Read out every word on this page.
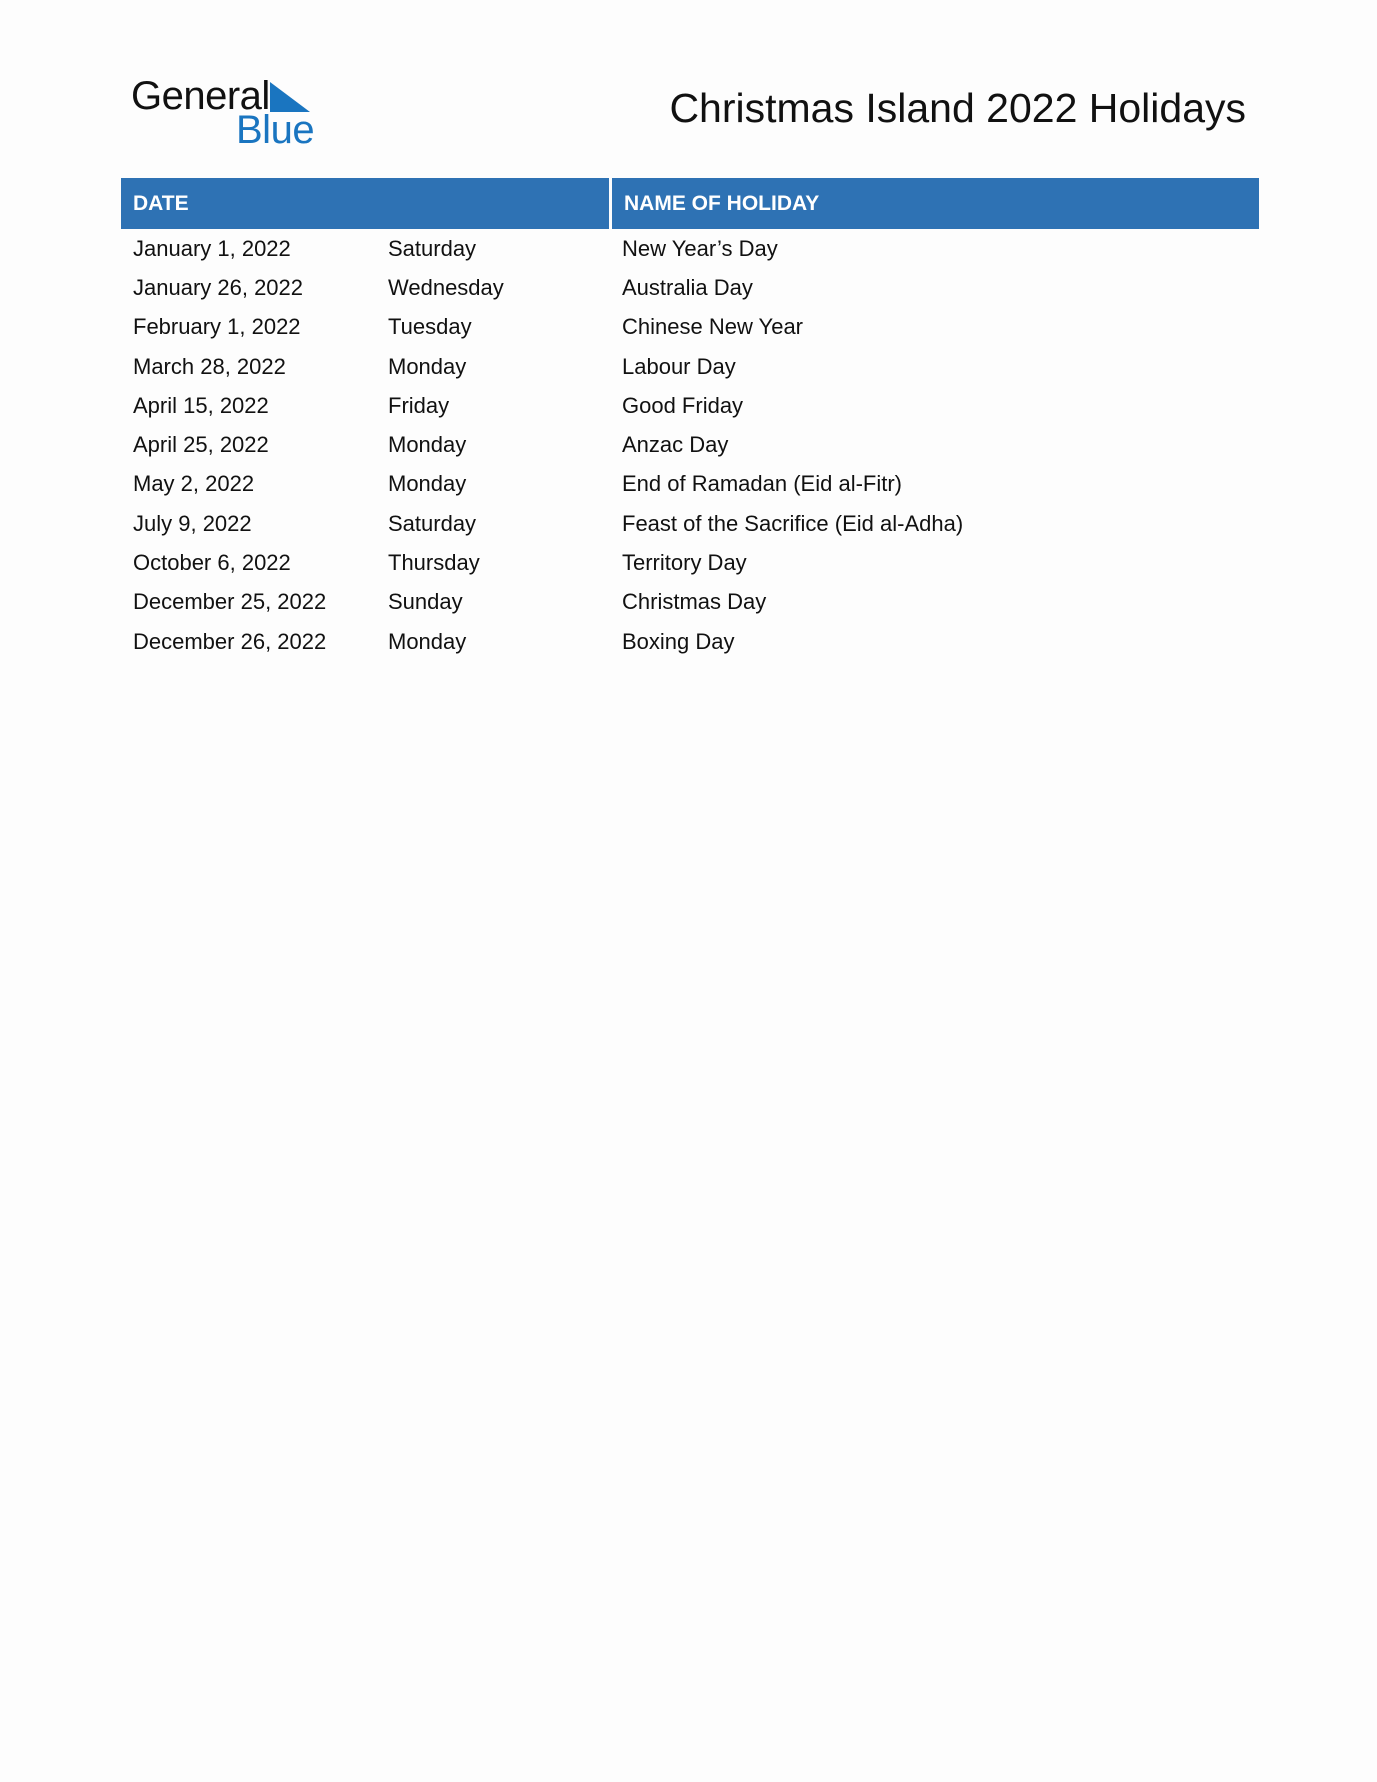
General
Blue	Christmas Island 2022 Holidays
DATE	NAME OF HOLIDAY
January 1, 2022	Saturday	New Year’s Day
January 26, 2022	Wednesday	Australia Day
February 1, 2022	Tuesday	Chinese New Year
March 28, 2022	Monday	Labour Day
April 15, 2022	Friday	Good Friday
April 25, 2022	Monday	Anzac Day
May 2, 2022	Monday	End of Ramadan (Eid al-Fitr)
July 9, 2022	Saturday	Feast of the Sacrifice (Eid al-Adha)
October 6, 2022	Thursday	Territory Day
December 25, 2022	Sunday	Christmas Day
December 26, 2022	Monday	Boxing Day
